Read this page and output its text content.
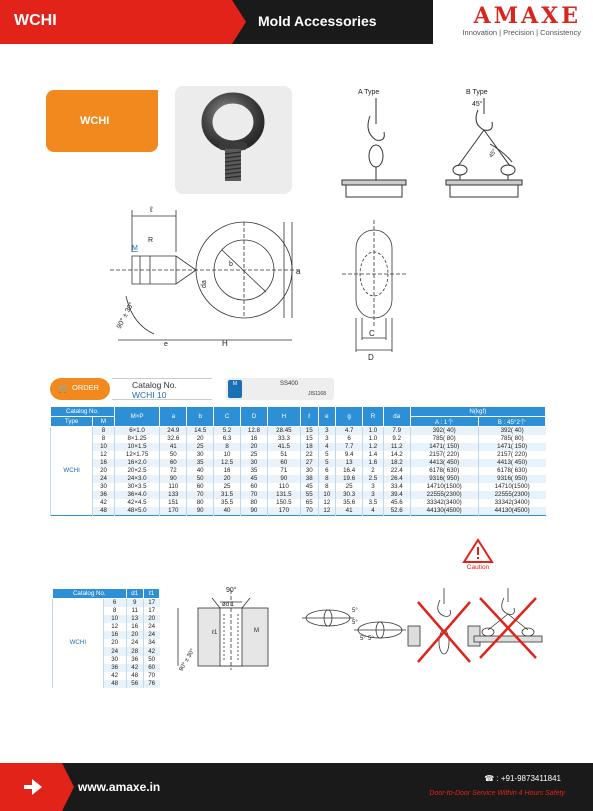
WCHI	Mold Accessories	AMAXE
Innovation | Precision | Consistency
WCHI
A Type	B Type
45°
45°
ℓ
M
R
b
da
a
90° ± 30°
e	H
C
D
🛒 ORDER	Catalog No.
WCHI 10
M	SS400
JIS1168
Catalog No.		M×P	a	b	C	D	H	ℓ	e	g	R	da	N(kgf)	
Type	M												A : 1个	B : 45°2个
WCHI	8	6×1.0	24.9	14.5	5.2	12.8	28.45	15	3	4.7	1.0	7.9	392( 40)	392( 40)
	8	8×1.25	32.6	20	6.3	16	33.3	15	3	6	1.0	9.2	785( 80)	785( 80)
	10	10×1.5	41	25	8	20	41.5	18	4	7.7	1.2	11.2	1471( 150)	1471( 150)
	12	12×1.75	50	30	10	25	51	22	5	9.4	1.4	14.2	2157( 220)	2157( 220)
	16	16×2.0	60	35	12.5	30	60	27	5	13	1.6	18.2	4413( 450)	4413( 450)
	20	20×2.5	72	40	16	35	71	30	6	16.4	2	22.4	6178( 630)	6178( 630)
	24	24×3.0	90	50	20	45	90	38	8	19.6	2.5	26.4	9316( 950)	9316( 950)
	30	30×3.5	110	60	25	60	110	45	8	25	3	33.4	14710(1500)	14710(1500)
	36	36×4.0	133	70	31.5	70	131.5	55	10	30.3	3	39.4	22555(2300)	22555(2300)
	42	42×4.5	151	80	35.5	80	150.5	65	12	35.6	3.5	45.6	33342(3400)	33342(3400)
	48	48×5.0	170	90	40	90	170	70	12	41	4	52.6	44130(4500)	44130(4500)
Caution
Catalog No.		d1	ℓ1
WCHI	6	9	17
	8	11	17
	10	13	20
	12	16	24
	16	20	24
	20	24	34
	24	28	42
	30	36	50
	36	42	60
	42	48	70
	48	56	76
90°
ød 1
ℓ1	M
90° ± 30°
5°
5°
5° 5°
www.amaxe.in
☎ : +91-9873411841
Door-to-Door Service Within 4 Hours Safety
